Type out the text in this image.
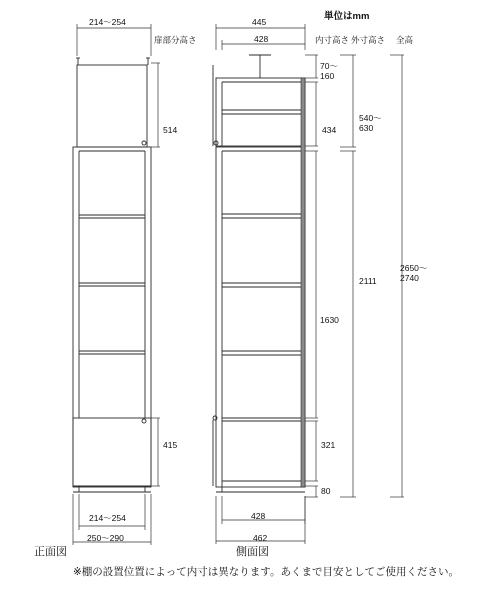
単位はmm
扉部分高さ	内寸高さ 外寸高さ 全高
214〜254
514
415
214〜254
250〜290
正面図
445
428
70〜
160
434
540〜
630
2111
2650〜
2740
1630
321
80
428
462
側面図
※棚の設置位置によって内寸は異なります。あくまで目安としてご使用ください。
